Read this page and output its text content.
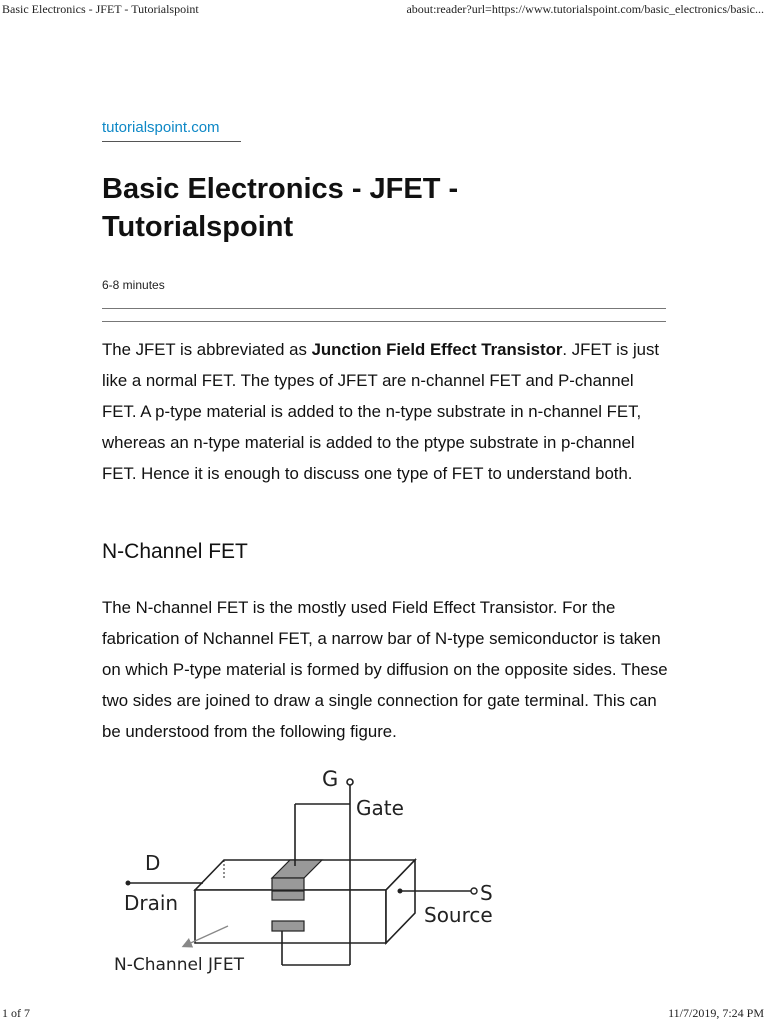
Basic Electronics - JFET - Tutorialspoint	about:reader?url=https://www.tutorialspoint.com/basic_electronics/basic...
tutorialspoint.com
Basic Electronics - JFET - Tutorialspoint
6-8 minutes

The JFET is abbreviated as Junction Field Effect Transistor. JFET is just like a normal FET. The types of JFET are n-channel FET and P-channel FET. A p-type material is added to the n-type substrate in n-channel FET, whereas an n-type material is added to the ptype substrate in p-channel FET. Hence it is enough to discuss one type of FET to understand both.

N-Channel FET

The N-channel FET is the mostly used Field Effect Transistor. For the fabrication of Nchannel FET, a narrow bar of N-type semiconductor is taken on which P-type material is formed by diffusion on the opposite sides. These two sides are joined to draw a single connection for gate terminal. This can be understood from the following figure.

G
Gate
D
Drain	S
Source
N-Channel JFET
1 of 7	11/7/2019, 7:24 PM
